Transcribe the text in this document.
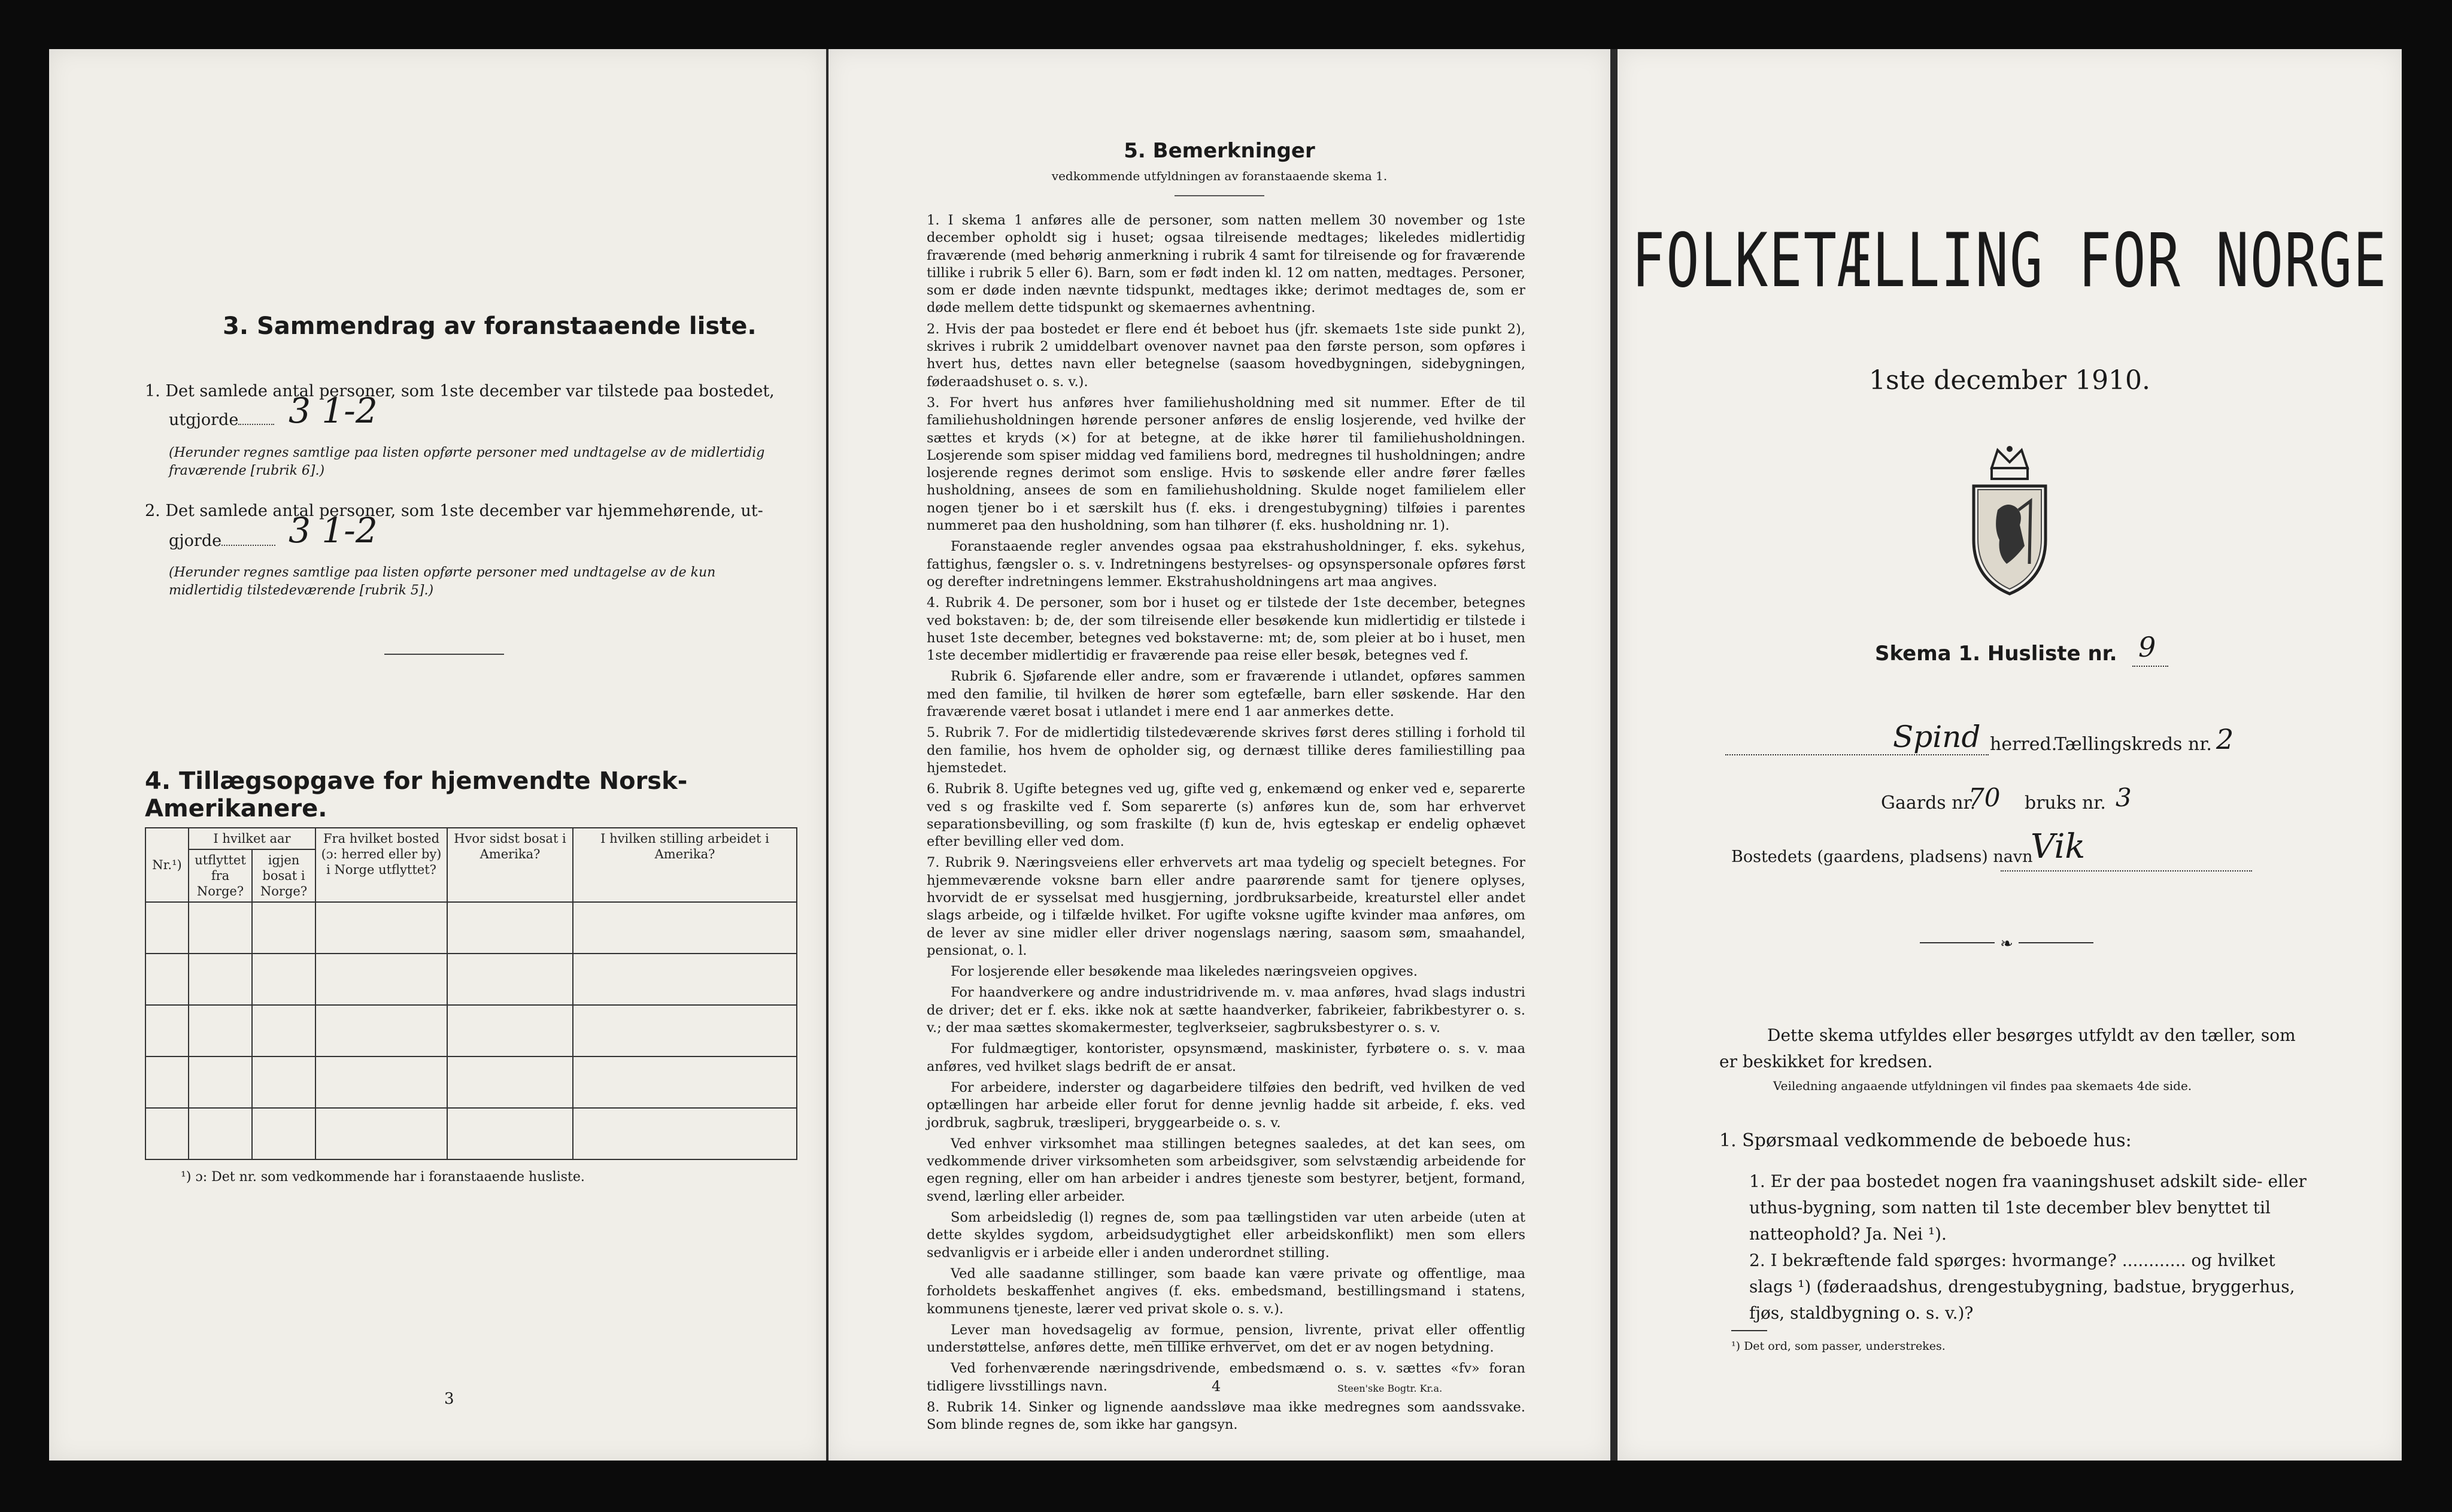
3. Sammendrag av foranstaaende liste.
1. Det samlede antal personer, som 1ste december var tilstede paa bostedet,
utgjorde	3 1-2
(Herunder regnes samtlige paa listen opførte personer med undtagelse av de midlertidig fraværende [rubrik 6].)
2. Det samlede antal personer, som 1ste december var hjemmehørende, ut-
gjorde	3 1-2
(Herunder regnes samtlige paa listen opførte personer med undtagelse av de kun midlertidig tilstedeværende [rubrik 5].)
4. Tillægsopgave for hjemvendte Norsk-Amerikanere.
Nr.¹)	I hvilket aar		Fra hvilket bosted (ɔ: herred eller by) i Norge utflyttet?	Hvor sidst bosat i Amerika?	I hvilken stilling arbeidet i Amerika?
	utflyttet fra Norge?	igjen bosat i Norge?			

¹) ɔ: Det nr. som vedkommende har i foranstaaende husliste.
3
5. Bemerkninger
vedkommende utfyldningen av foranstaaende skema 1.

1. I skema 1 anføres alle de personer, som natten mellem 30 november og 1ste december opholdt sig i huset; ogsaa tilreisende medtages; likeledes midlertidig fraværende (med behørig anmerkning i rubrik 4 samt for tilreisende og for fraværende tillike i rubrik 5 eller 6). Barn, som er født inden kl. 12 om natten, medtages. Personer, som er døde inden nævnte tidspunkt, medtages ikke; derimot medtages de, som er døde mellem dette tidspunkt og skemaernes avhentning.

2. Hvis der paa bostedet er flere end ét beboet hus (jfr. skemaets 1ste side punkt 2), skrives i rubrik 2 umiddelbart ovenover navnet paa den første person, som opføres i hvert hus, dettes navn eller betegnelse (saasom hovedbygningen, sidebygningen, føderaadshuset o. s. v.).

3. For hvert hus anføres hver familiehusholdning med sit nummer. Efter de til familiehusholdningen hørende personer anføres de enslig losjerende, ved hvilke der sættes et kryds (×) for at betegne, at de ikke hører til familiehusholdningen. Losjerende som spiser middag ved familiens bord, medregnes til husholdningen; andre losjerende regnes derimot som enslige. Hvis to søskende eller andre fører fælles husholdning, ansees de som en familiehusholdning. Skulde noget familielem eller nogen tjener bo i et særskilt hus (f. eks. i drengestubygning) tilføies i parentes nummeret paa den husholdning, som han tilhører (f. eks. husholdning nr. 1).

Foranstaaende regler anvendes ogsaa paa ekstrahusholdninger, f. eks. sykehus, fattighus, fængsler o. s. v. Indretningens bestyrelses- og opsynspersonale opføres først og derefter indretningens lemmer. Ekstrahusholdningens art maa angives.

4. Rubrik 4. De personer, som bor i huset og er tilstede der 1ste december, betegnes ved bokstaven: b; de, der som tilreisende eller besøkende kun midlertidig er tilstede i huset 1ste december, betegnes ved bokstaverne: mt; de, som pleier at bo i huset, men 1ste december midlertidig er fraværende paa reise eller besøk, betegnes ved f.

Rubrik 6. Sjøfarende eller andre, som er fraværende i utlandet, opføres sammen med den familie, til hvilken de hører som egtefælle, barn eller søskende. Har den fraværende været bosat i utlandet i mere end 1 aar anmerkes dette.

5. Rubrik 7. For de midlertidig tilstedeværende skrives først deres stilling i forhold til den familie, hos hvem de opholder sig, og dernæst tillike deres familiestilling paa hjemstedet.

6. Rubrik 8. Ugifte betegnes ved ug, gifte ved g, enkemænd og enker ved e, separerte ved s og fraskilte ved f. Som separerte (s) anføres kun de, som har erhvervet separationsbevilling, og som fraskilte (f) kun de, hvis egteskap er endelig ophævet efter bevilling eller ved dom.

7. Rubrik 9. Næringsveiens eller erhvervets art maa tydelig og specielt betegnes. For hjemmeværende voksne barn eller andre paarørende samt for tjenere oplyses, hvorvidt de er sysselsat med husgjerning, jordbruksarbeide, kreaturstel eller andet slags arbeide, og i tilfælde hvilket. For ugifte voksne ugifte kvinder maa anføres, om de lever av sine midler eller driver nogenslags næring, saasom søm, smaahandel, pensionat, o. l.

For losjerende eller besøkende maa likeledes næringsveien opgives.

For haandverkere og andre industridrivende m. v. maa anføres, hvad slags industri de driver; det er f. eks. ikke nok at sætte haandverker, fabrikeier, fabrikbestyrer o. s. v.; der maa sættes skomakermester, teglverkseier, sagbruksbestyrer o. s. v.

For fuldmægtiger, kontorister, opsynsmænd, maskinister, fyrbøtere o. s. v. maa anføres, ved hvilket slags bedrift de er ansat.

For arbeidere, inderster og dagarbeidere tilføies den bedrift, ved hvilken de ved optællingen har arbeide eller forut for denne jevnlig hadde sit arbeide, f. eks. ved jordbruk, sagbruk, træsliperi, bryggearbeide o. s. v.

Ved enhver virksomhet maa stillingen betegnes saaledes, at det kan sees, om vedkommende driver virksomheten som arbeidsgiver, som selvstændig arbeidende for egen regning, eller om han arbeider i andres tjeneste som bestyrer, betjent, formand, svend, lærling eller arbeider.

Som arbeidsledig (l) regnes de, som paa tællingstiden var uten arbeide (uten at dette skyldes sygdom, arbeidsudygtighet eller arbeidskonflikt) men som ellers sedvanligvis er i arbeide eller i anden underordnet stilling.

Ved alle saadanne stillinger, som baade kan være private og offentlige, maa forholdets beskaffenhet angives (f. eks. embedsmand, bestillingsmand i statens, kommunens tjeneste, lærer ved privat skole o. s. v.).

Lever man hovedsagelig av formue, pension, livrente, privat eller offentlig understøttelse, anføres dette, men tillike erhvervet, om det er av nogen betydning.

Ved forhenværende næringsdrivende, embedsmænd o. s. v. sættes «fv» foran tidligere livsstillings navn.

8. Rubrik 14. Sinker og lignende aandssløve maa ikke medregnes som aandssvake. Som blinde regnes de, som ikke har gangsyn.

4	Steen'ske Bogtr. Kr.a.
FOLKETÆLLING FOR NORGE
1ste december 1910.
Skema 1. Husliste nr. 9
Spind herred.
Tællingskreds nr. 2
Gaards nr.
70 bruks nr. 3
Bostedets (gaardens, pladsens) navn
Vik
❧
Dette skema utfyldes eller besørges utfyldt av den tæller, som er beskikket for kredsen.
Veiledning angaaende utfyldningen vil findes paa skemaets 4de side.
1. Spørsmaal vedkommende de beboede hus:
1. Er der paa bostedet nogen fra vaaningshuset adskilt side- eller uthus-bygning, som natten til 1ste december blev benyttet til natteophold? Ja. Nei ¹).
2. I bekræftende fald spørges: hvormange? ............ og hvilket slags ¹) (føderaadshus, drengestubygning, badstue, bryggerhus, fjøs, staldbygning o. s. v.)?
¹) Det ord, som passer, understrekes.
